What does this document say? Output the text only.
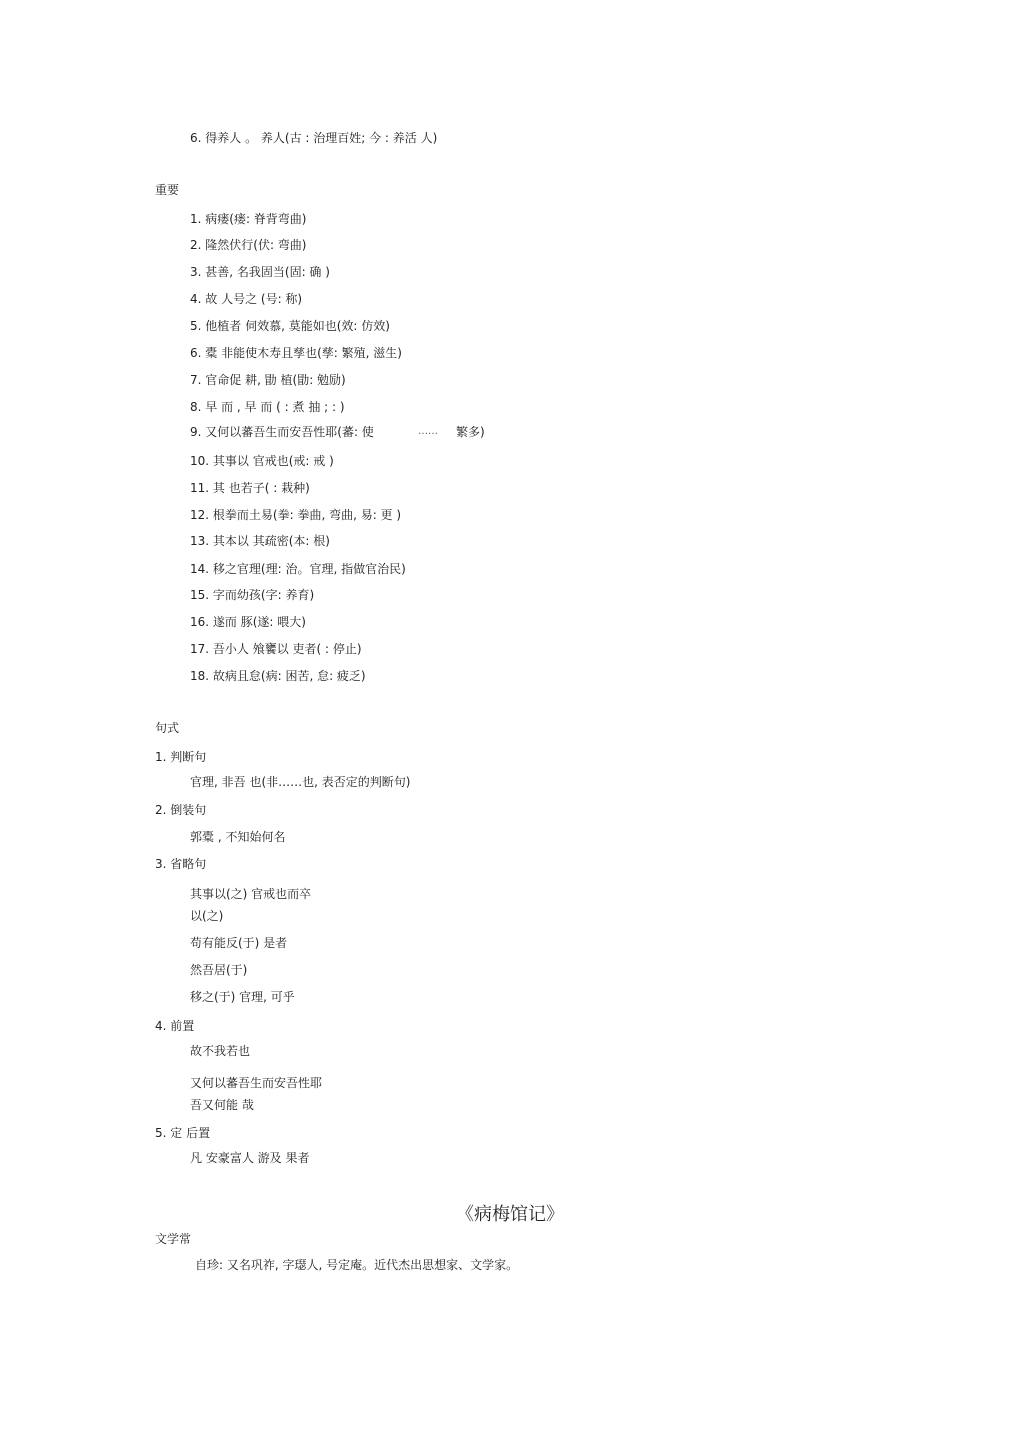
6. 得养人 。 养人(古 : 治理百姓; 今 : 养活 人)
重要
1. 病瘘(瘘: 脊背弯曲)
2. 隆然伏行(伏: 弯曲)
3. 甚善, 名我固当(固: 确 )
4. 故 人号之 (号: 称)
5. 他植者 伺效慕, 莫能如也(效: 仿效)
6. 橐 非能使木寿且孳也(孳: 繁殖, 滋生)
7. 官命促 耕, 勖 植(勖: 勉励)
8. 早 而 , 早 而 ( : 煮 抽 ; : )
9. 又何以蕃吾生而安吾性耶(蕃: 使	…… 繁多)
10. 其事以 官戒也(戒: 戒 )
11. 其 也若子( : 栽种)
12. 根拳而土易(拳: 拳曲, 弯曲, 易: 更 )
13. 其本以 其疏密(本: 根)
14. 移之官理(理: 治。官理, 指做官治民)
15. 字而幼孩(字: 养育)
16. 遂而 豚(遂: 喂大)
17. 吾小人 飧饔以 吏者( : 停止)
18. 故病且怠(病: 困苦, 怠: 疲乏)
句式
1. 判断句
官理, 非吾 也(非……也, 表否定的判断句)
2. 倒装句
郭橐 , 不知始何名
3. 省略句
其事以(之) 官戒也而卒
以(之)
苟有能反(于) 是者
然吾居(于)
移之(于) 官理, 可乎
4. 前置
故不我若也
又何以蕃吾生而安吾性耶
吾又何能 哉
5. 定 后置
凡 安豪富人 游及 果者
《病梅馆记》
文学常
自珍: 又名巩祚, 字璱人, 号定庵。近代杰出思想家、文学家。
